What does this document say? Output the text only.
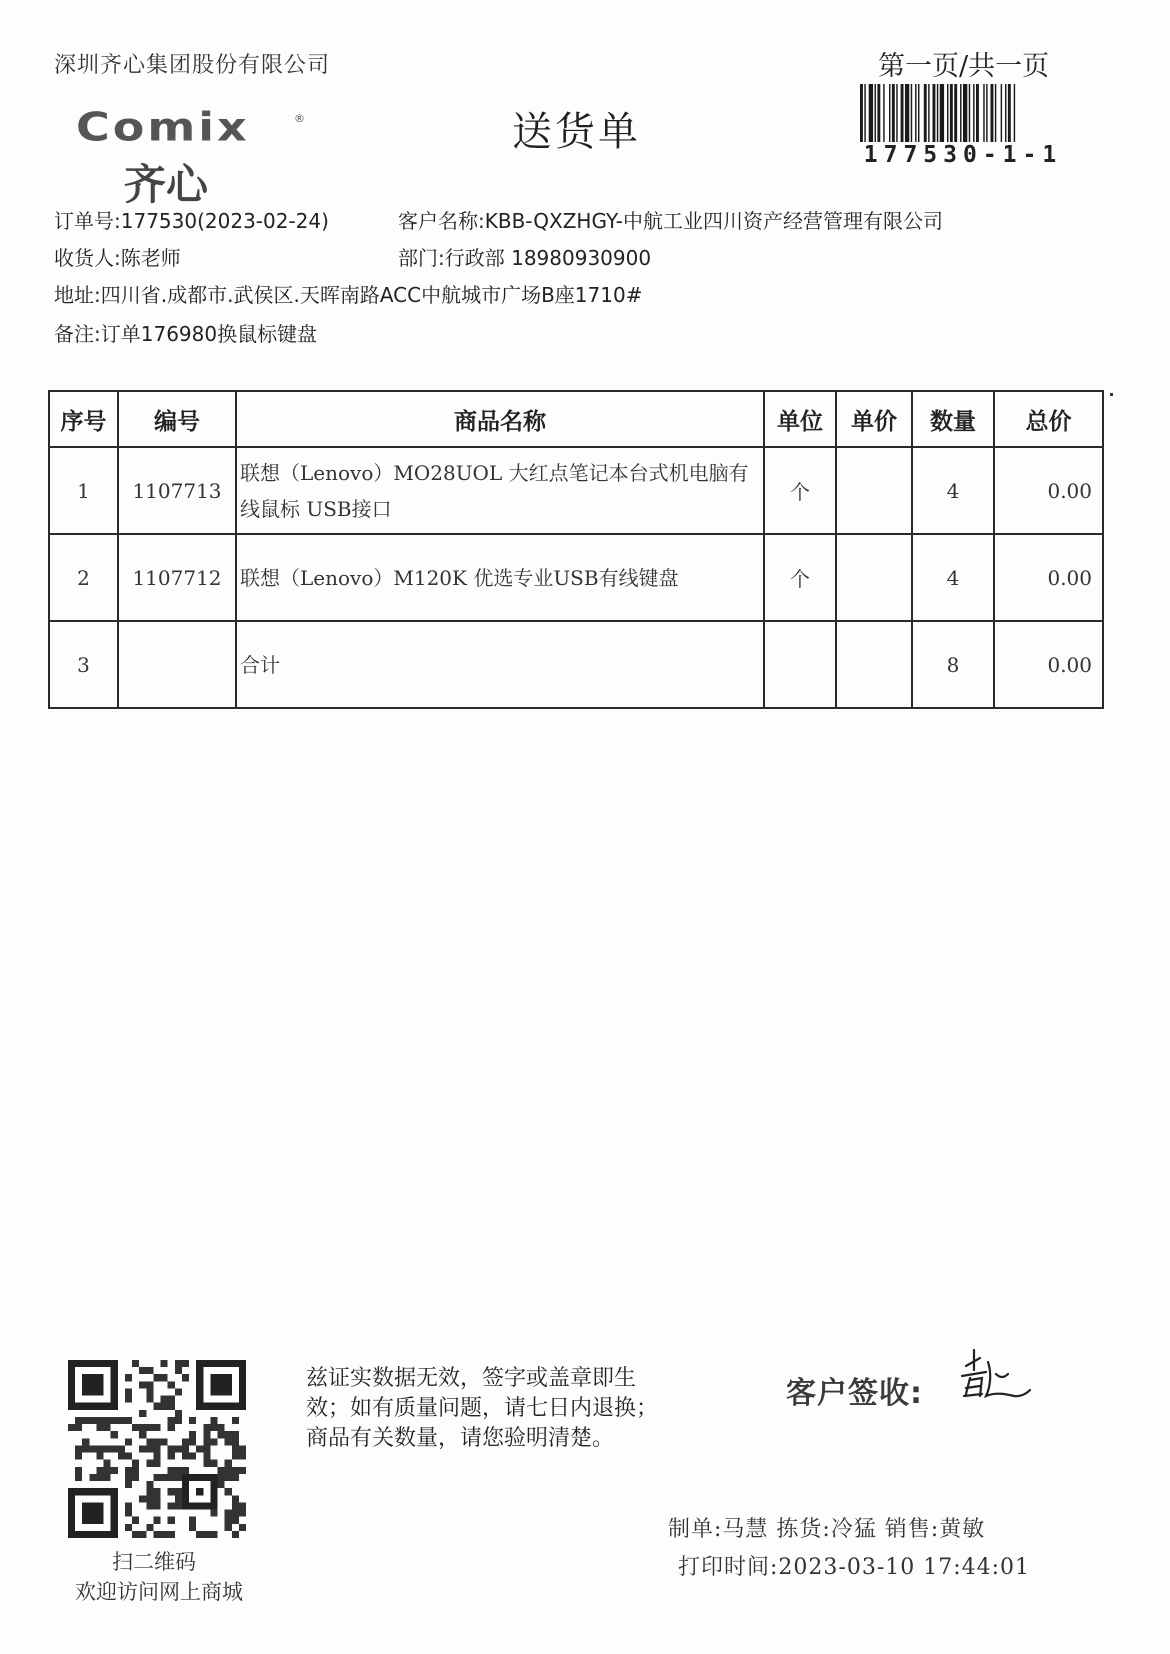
深圳齐心集团股份有限公司	第一页/共一页
Comix	®
齐心
送货单	177530-1-1
订单号:177530(2023-02-24)	客户名称:KBB-QXZHGY-中航工业四川资产经营管理有限公司
收货人:陈老师	部门:行政部 18980930900
地址:四川省.成都市.武侯区.天晖南路ACC中航城市广场B座1710#
备注:订单176980换鼠标键盘
序号	编号	商品名称	单位	单价	数量	总价
1	1107713	联想（Lenovo）MO28UOL 大红点笔记本台式机电脑有线鼠标 USB接口	个		4	0.00
2	1107712	联想（Lenovo）M120K 优选专业USB有线键盘	个		4	0.00
3		合计			8	0.00
扫二维码
欢迎访问网上商城
兹证实数据无效，签字或盖章即生
效；如有质量问题，请七日内退换；
商品有关数量，请您验明清楚。
客户签收:
制单:马慧 拣货:冷猛 销售:黄敏
打印时间:2023-03-10 17:44:01
